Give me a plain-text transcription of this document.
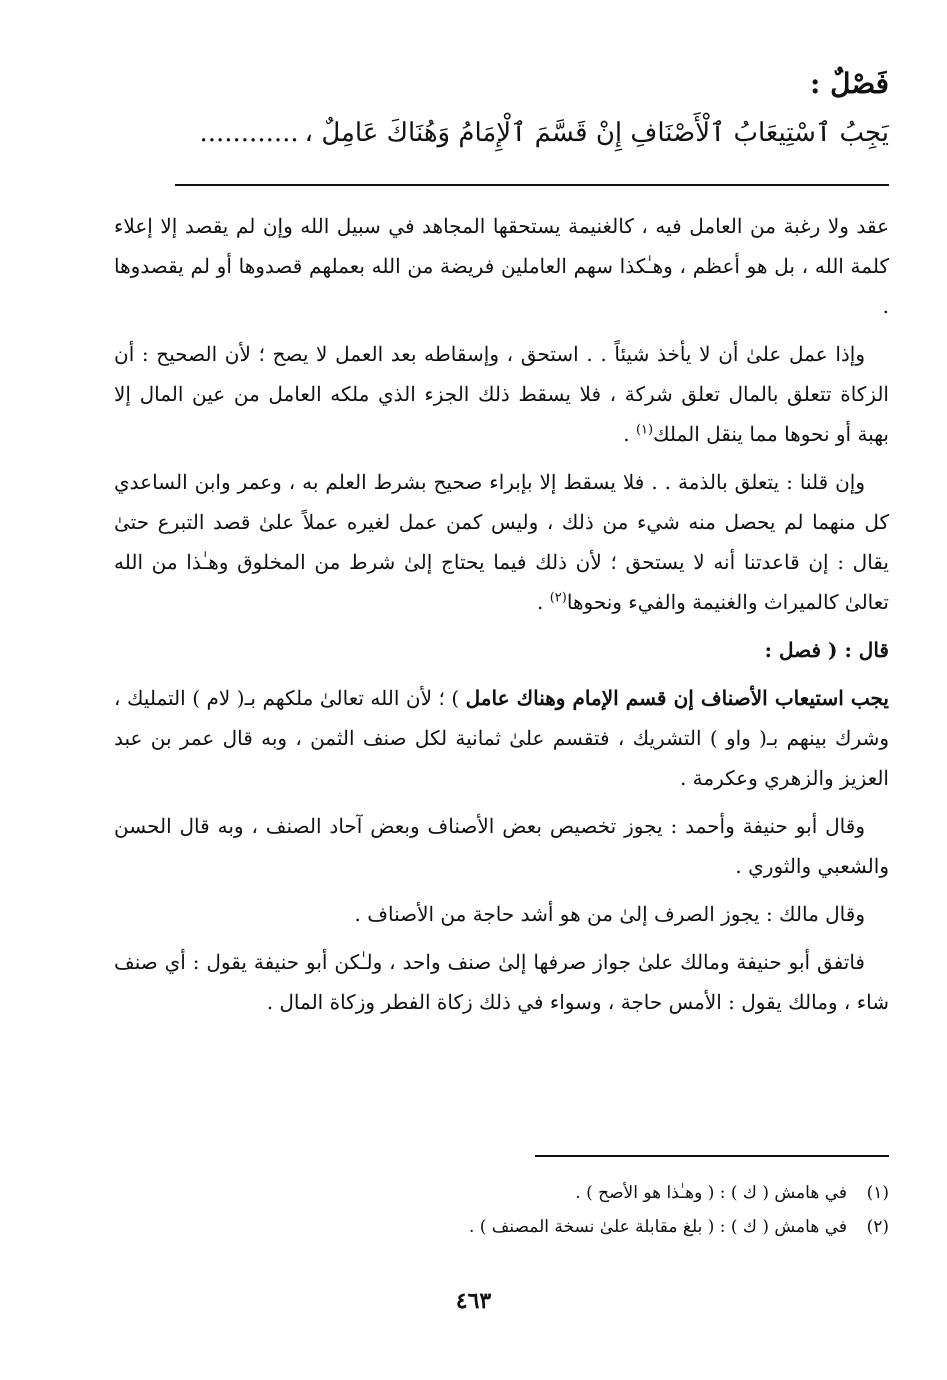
فَصْلٌ :

يَجِبُ ٱسْتِيعَابُ ٱلْأَصْنَافِ إِنْ قَسَّمَ ٱلْإِمَامُ وَهُنَاكَ عَامِلٌ ،............

عقد ولا رغبة من العامل فيه ، كالغنيمة يستحقها المجاهد في سبيل الله وإن لم يقصد إلا إعلاء كلمة الله ، بل هو أعظم ، وهـٰكذا سهم العاملين فريضة من الله بعملهم قصدوها أو لم يقصدوها .

وإذا عمل علىٰ أن لا يأخذ شيئاً . . استحق ، وإسقاطه بعد العمل لا يصح ؛ لأن الصحيح : أن الزكاة تتعلق بالمال تعلق شركة ، فلا يسقط ذلك الجزء الذي ملكه العامل من عين المال إلا بهبة أو نحوها مما ينقل الملك$^{(١)}$ .

وإن قلنا : يتعلق بالذمة . . فلا يسقط إلا بإبراء صحيح بشرط العلم به ، وعمر وابن الساعدي كل منهما لم يحصل منه شيء من ذلك ، وليس كمن عمل لغيره عملاً علىٰ قصد التبرع حتىٰ يقال : إن قاعدتنا أنه لا يستحق ؛ لأن ذلك فيما يحتاج إلىٰ شرط من المخلوق وهـٰذا من الله تعالىٰ كالميراث والغنيمة والفيء ونحوها$^{(٢)}$ .

قال : ( فصل :

يجب استيعاب الأصناف إن قسم الإمام وهناك عامل ) ؛ لأن الله تعالىٰ ملكهم بـ( لام ) التمليك ، وشرك بينهم بـ( واو ) التشريك ، فتقسم علىٰ ثمانية لكل صنف الثمن ، وبه قال عمر بن عبد العزيز والزهري وعكرمة .

وقال أبو حنيفة وأحمد : يجوز تخصيص بعض الأصناف وبعض آحاد الصنف ، وبه قال الحسن والشعبي والثوري .

وقال مالك : يجوز الصرف إلىٰ من هو أشد حاجة من الأصناف .

فاتفق أبو حنيفة ومالك علىٰ جواز صرفها إلىٰ صنف واحد ، ولـٰكن أبو حنيفة يقول : أي صنف شاء ، ومالك يقول : الأمس حاجة ، وسواء في ذلك زكاة الفطر وزكاة المال .

(١)في هامش ( ك ) : ( وهـٰذا هو الأصح ) .

(٢)في هامش ( ك ) : ( بلغ مقابلة علىٰ نسخة المصنف ) .

٤٦٣
